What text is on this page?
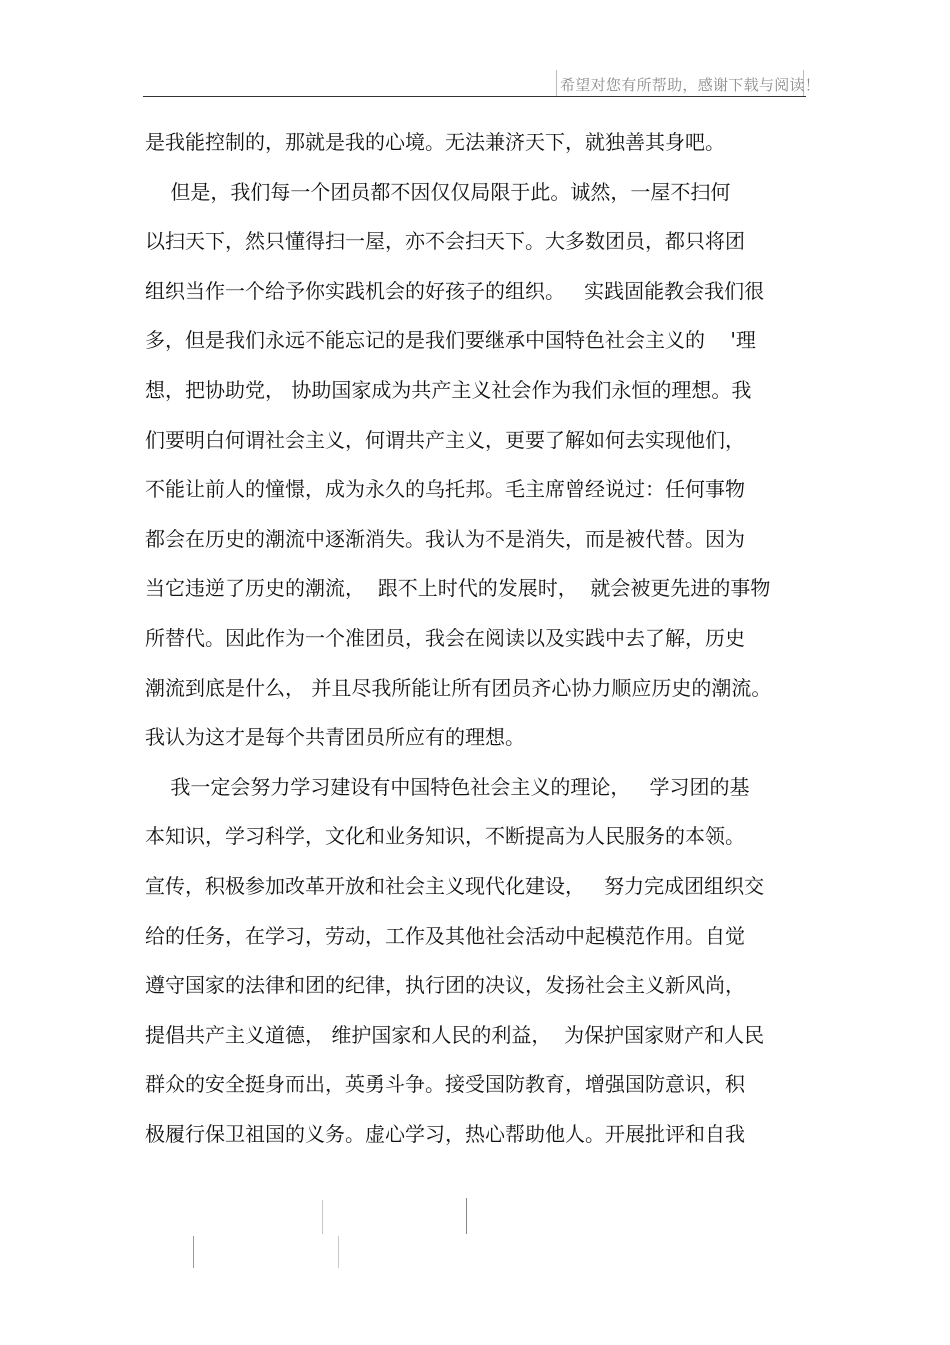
希望对您有所帮助，感谢下载与阅读！
是我能控制的，那就是我的心境。无法兼济天下，就独善其身吧。
但是，我们每一个团员都不因仅仅局限于此。诚然，一屋不扫何
以扫天下，然只懂得扫一屋，亦不会扫天下。大多数团员，都只将团
组织当作一个给予你实践机会的好孩子的组织。   实践固能教会我们很
多，但是我们永远不能忘记的是我们要继承中国特色社会主义的    '理
想，把协助党， 协助国家成为共产主义社会作为我们永恒的理想。我
们要明白何谓社会主义，何谓共产主义，更要了解如何去实现他们，
不能让前人的憧憬，成为永久的乌托邦。毛主席曾经说过：任何事物
都会在历史的潮流中逐渐消失。我认为不是消失，而是被代替。因为
当它违逆了历史的潮流，  跟不上时代的发展时，  就会被更先进的事物
所替代。因此作为一个准团员，我会在阅读以及实践中去了解，历史
潮流到底是什么， 并且尽我所能让所有团员齐心协力顺应历史的潮流。
我认为这才是每个共青团员所应有的理想。
我一定会努力学习建设有中国特色社会主义的理论，   学习团的基
本知识，学习科学，文化和业务知识，不断提高为人民服务的本领。
宣传，积极参加改革开放和社会主义现代化建设，   努力完成团组织交
给的任务，在学习，劳动，工作及其他社会活动中起模范作用。自觉
遵守国家的法律和团的纪律，执行团的决议，发扬社会主义新风尚，
提倡共产主义道德， 维护国家和人民的利益，  为保护国家财产和人民
群众的安全挺身而出，英勇斗争。接受国防教育，增强国防意识，积
极履行保卫祖国的义务。虚心学习，热心帮助他人。开展批评和自我
